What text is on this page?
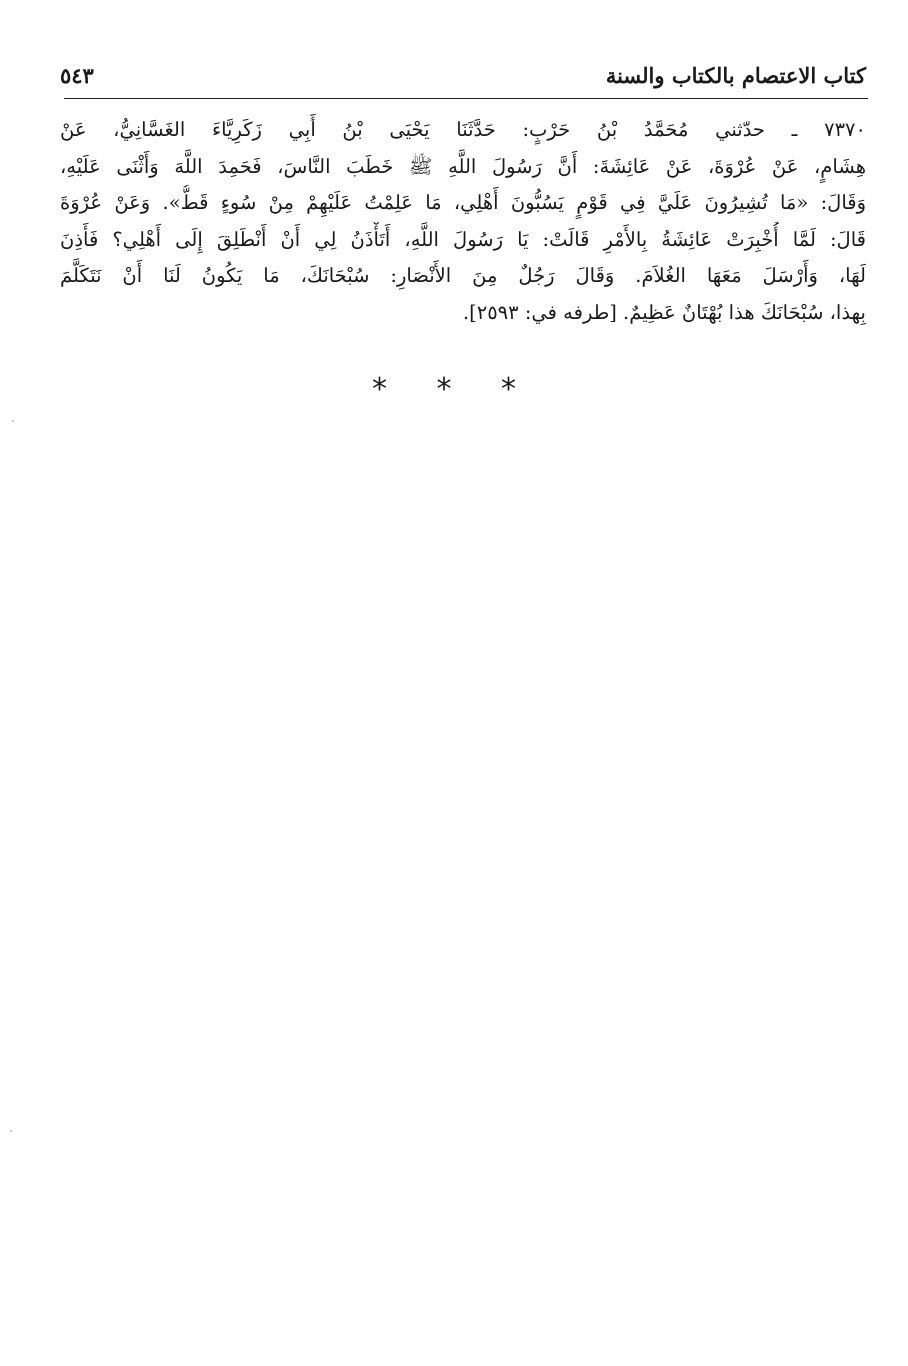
كتاب الاعتصام بالكتاب والسنة
٥٤٣
٧٣٧٠ ـ حدّثني مُحَمَّدُ بْنُ حَرْبٍ: حَدَّثَنَا يَحْيَى بْنُ أَبِي زَكَرِيَّاءَ الغَسَّانِيُّ، عَنْ
هِشَامٍ، عَنْ عُرْوَةَ، عَنْ عَائِشَةَ: أَنَّ رَسُولَ اللَّهِ ﷺ خَطَبَ النَّاسَ، فَحَمِدَ اللَّهَ وَأَثْنَى عَلَيْهِ،
وَقَالَ: «مَا تُشِيرُونَ عَلَيَّ فِي قَوْمٍ يَسُبُّونَ أَهْلِي، مَا عَلِمْتُ عَلَيْهِمْ مِنْ سُوءٍ قَطُّ». وَعَنْ عُرْوَةَ
قَالَ: لَمَّا أُخْبِرَتْ عَائِشَةُ بِالأَمْرِ قَالَتْ: يَا رَسُولَ اللَّهِ، أَتَأْذَنُ لِي أَنْ أَنْطَلِقَ إِلَى أَهْلِي؟ فَأَذِنَ
لَهَا، وَأَرْسَلَ مَعَهَا الغُلاَمَ. وَقَالَ رَجُلٌ مِنَ الأَنْصَارِ: سُبْحَانَكَ، مَا يَكُونُ لَنَا أَنْ نَتَكَلَّمَ
بِهذا، سُبْحَانَكَ هذا بُهْتَانٌ عَظِيمٌ. [طرفه في: ٢٥٩٣].
* * *
